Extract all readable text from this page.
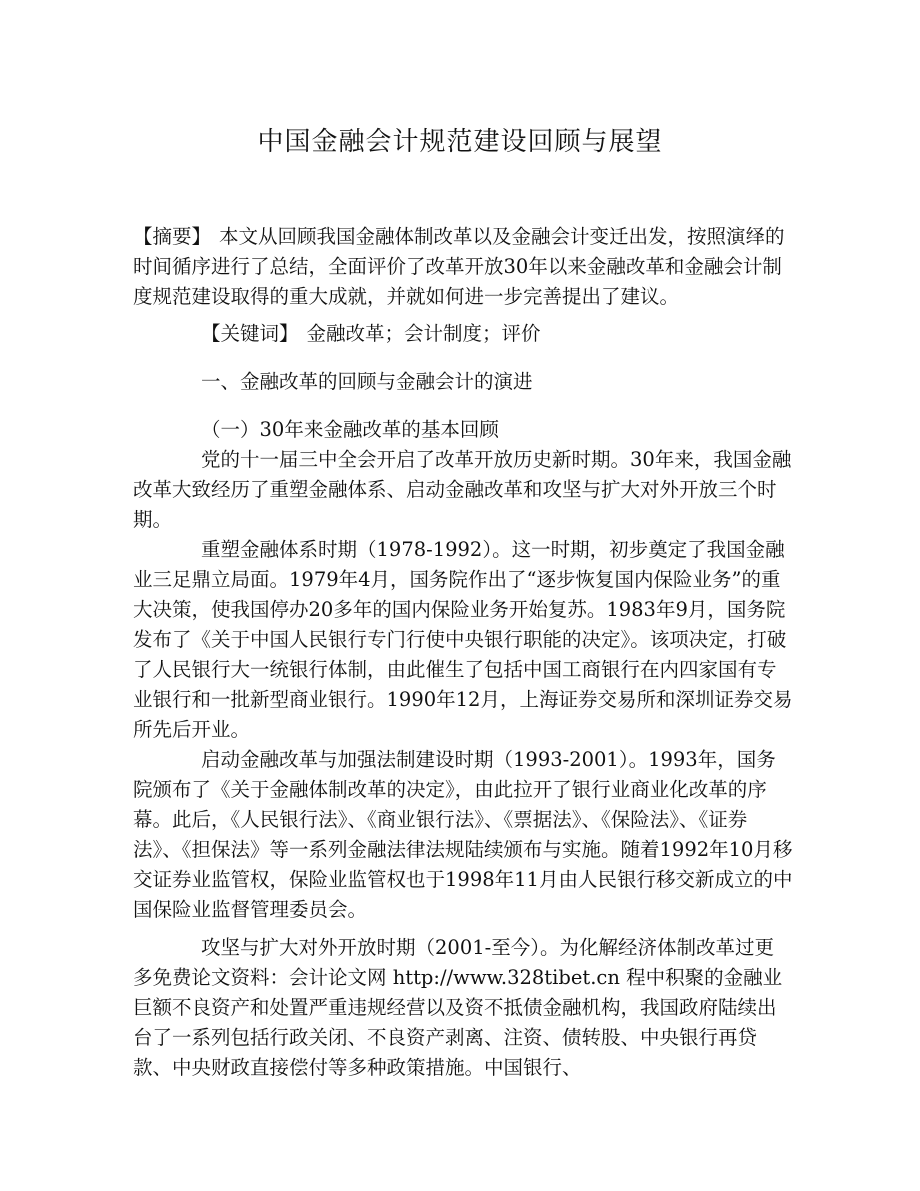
中国金融会计规范建设回顾与展望

【摘要】 本文从回顾我国金融体制改革以及金融会计变迁出发，按照演绎的时间循序进行了总结，全面评价了改革开放30年以来金融改革和金融会计制度规范建设取得的重大成就，并就如何进一步完善提出了建议。

【关键词】 金融改革；会计制度；评价

一、金融改革的回顾与金融会计的演进

（一）30年来金融改革的基本回顾

党的十一届三中全会开启了改革开放历史新时期。30年来，我国金融改革大致经历了重塑金融体系、启动金融改革和攻坚与扩大对外开放三个时期。

重塑金融体系时期（1978-1992）。这一时期，初步奠定了我国金融业三足鼎立局面。1979年4月，国务院作出了“逐步恢复国内保险业务”的重大决策，使我国停办20多年的国内保险业务开始复苏。1983年9月，国务院发布了《关于中国人民银行专门行使中央银行职能的决定》。该项决定，打破了人民银行大一统银行体制，由此催生了包括中国工商银行在内四家国有专业银行和一批新型商业银行。1990年12月，上海证券交易所和深圳证券交易所先后开业。

启动金融改革与加强法制建设时期（1993-2001）。1993年，国务院颁布了《关于金融体制改革的决定》，由此拉开了银行业商业化改革的序幕。此后，《人民银行法》、《商业银行法》、《票据法》、《保险法》、《证券法》、《担保法》等一系列金融法律法规陆续颁布与实施。随着1992年10月移交证券业监管权，保险业监管权也于1998年11月由人民银行移交新成立的中国保险业监督管理委员会。

攻坚与扩大对外开放时期（2001-至今）。为化解经济体制改革过更多免费论文资料：会计论文网 http://www.328tibet.cn 程中积聚的金融业巨额不良资产和处置严重违规经营以及资不抵债金融机构，我国政府陆续出台了一系列包括行政关闭、不良资产剥离、注资、债转股、中央银行再贷款、中央财政直接偿付等多种政策措施。中国银行、
